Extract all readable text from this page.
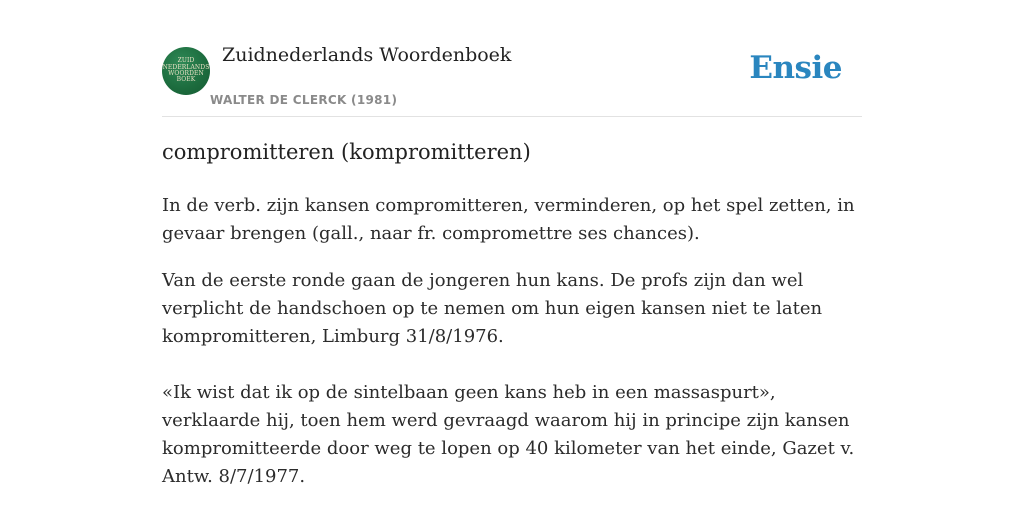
ZUID
NEDERLANDS
WOORDEN
BOEK
Zuidnederlands Woordenboek
WALTER DE CLERCK (1981)
Ensie
compromitteren (kompromitteren)

In de verb. zijn kansen compromitteren, verminderen, op het spel zetten, in gevaar brengen (gall., naar fr. compromettre ses chances).

Van de eerste ronde gaan de jongeren hun kans. De profs zijn dan wel verplicht de handschoen op te nemen om hun eigen kansen niet te laten kompromitteren, Limburg 31/8/1976.

«Ik wist dat ik op de sintelbaan geen kans heb in een massaspurt», verklaarde hij, toen hem werd gevraagd waarom hij in principe zijn kansen kompromitteerde door weg te lopen op 40 kilometer van het einde, Gazet v. Antw. 8/7/1977.
